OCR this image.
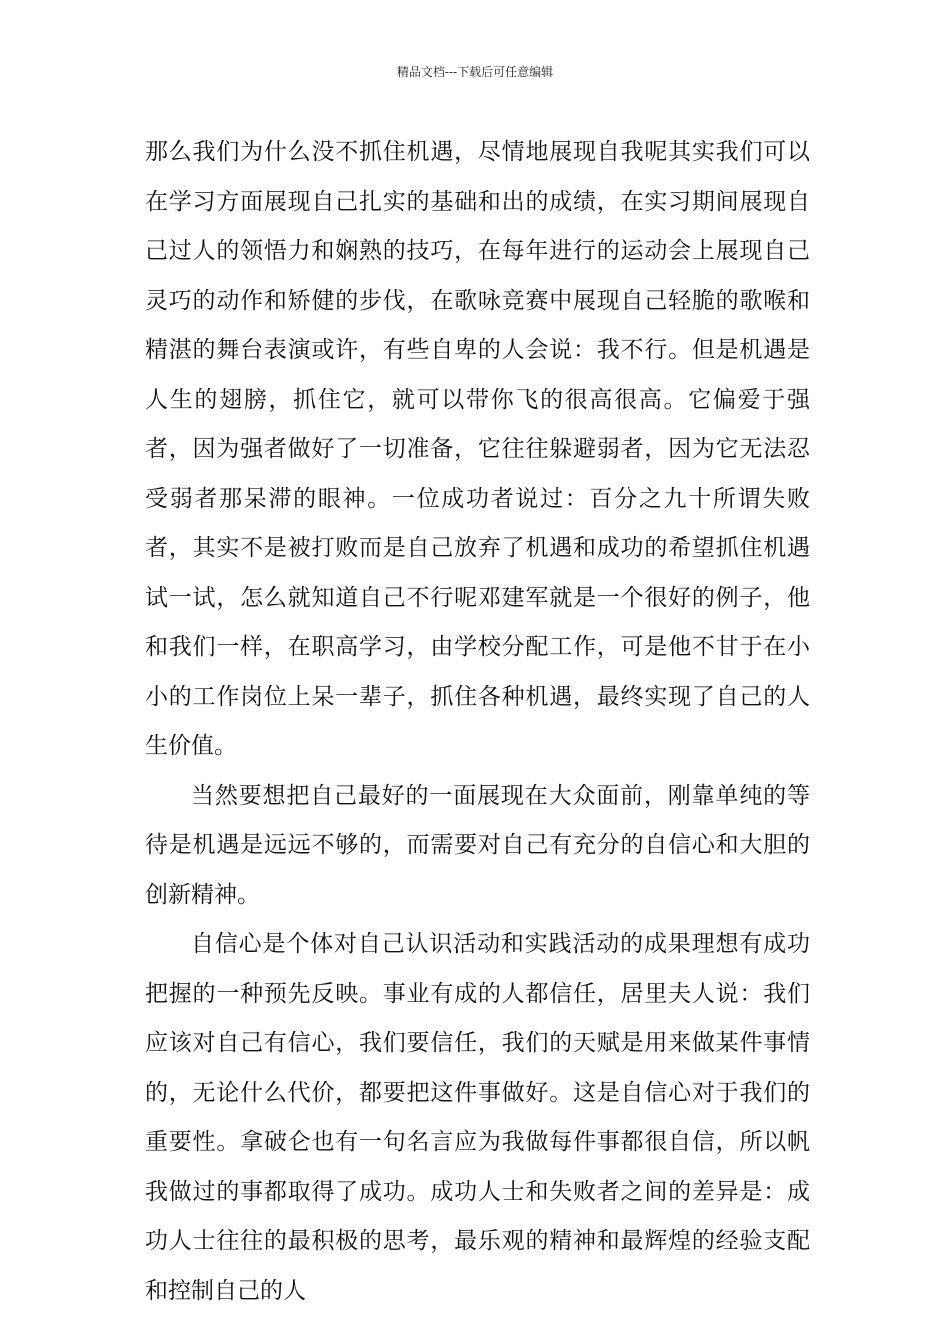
精品文档---下载后可任意编辑

那么我们为什么没不抓住机遇，尽情地展现自我呢其实我们可以在学习方面展现自己扎实的基础和出的成绩，在实习期间展现自己过人的领悟力和娴熟的技巧，在每年进行的运动会上展现自己灵巧的动作和矫健的步伐，在歌咏竞赛中展现自己轻脆的歌喉和精湛的舞台表演或许，有些自卑的人会说：我不行。但是机遇是人生的翅膀，抓住它，就可以带你飞的很高很高。它偏爱于强者，因为强者做好了一切准备，它往往躲避弱者，因为它无法忍受弱者那呆滞的眼神。一位成功者说过：百分之九十所谓失败者，其实不是被打败而是自己放弃了机遇和成功的希望抓住机遇试一试，怎么就知道自己不行呢邓建军就是一个很好的例子，他和我们一样，在职高学习，由学校分配工作，可是他不甘于在小小的工作岗位上呆一辈子，抓住各种机遇，最终实现了自己的人生价值。

当然要想把自己最好的一面展现在大众面前，刚靠单纯的等待是机遇是远远不够的，而需要对自己有充分的自信心和大胆的创新精神。

自信心是个体对自己认识活动和实践活动的成果理想有成功把握的一种预先反映。事业有成的人都信任，居里夫人说：我们应该对自己有信心，我们要信任，我们的天赋是用来做某件事情的，无论什么代价，都要把这件事做好。这是自信心对于我们的重要性。拿破仑也有一句名言应为我做每件事都很自信，所以帆我做过的事都取得了成功。成功人士和失败者之间的差异是：成功人士往往的最积极的思考，最乐观的精神和最辉煌的经验支配和控制自己的人
